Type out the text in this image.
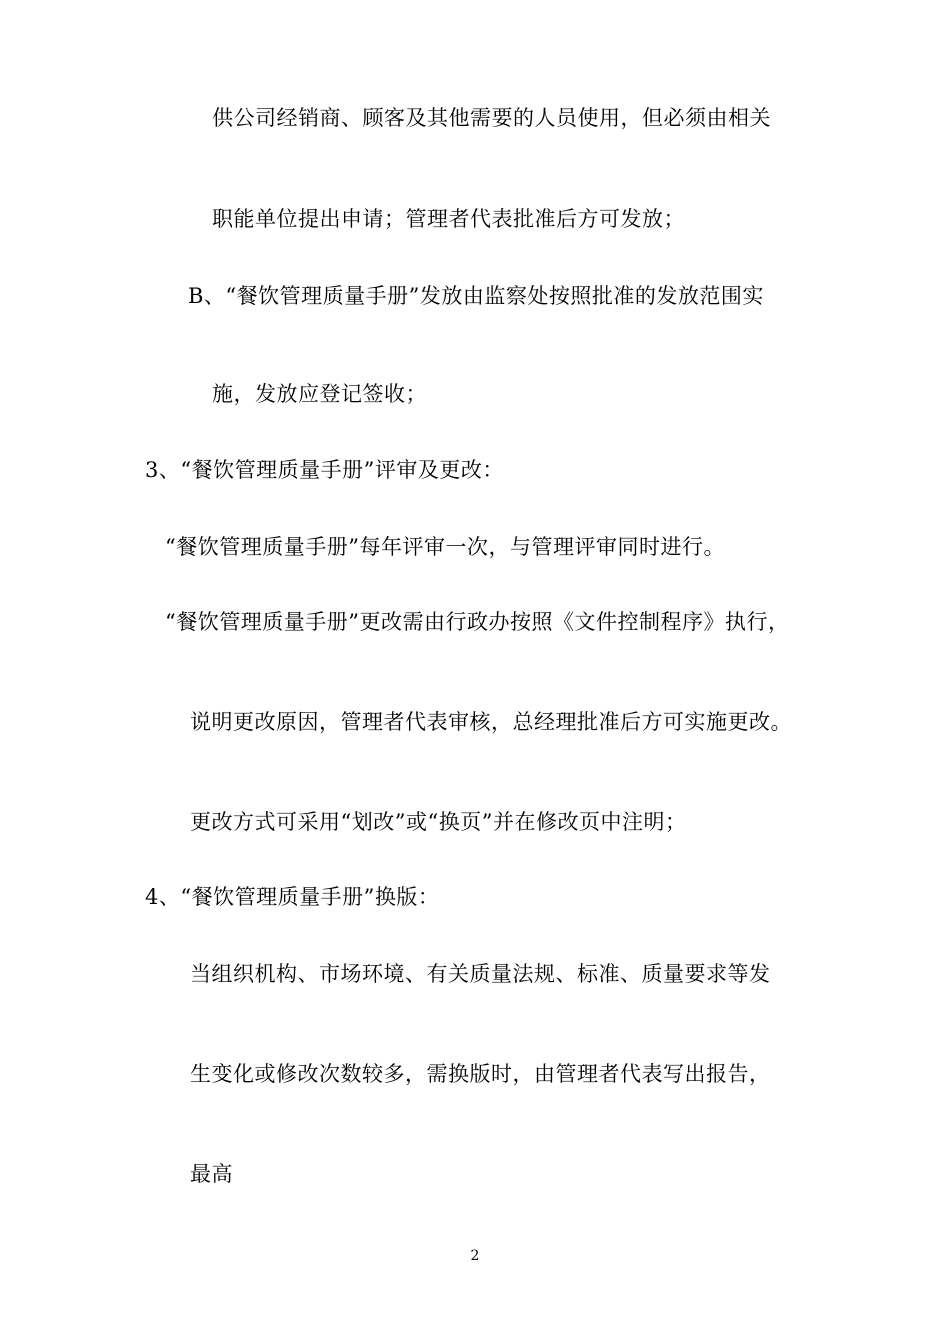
供公司经销商、顾客及其他需要的人员使用，但必须由相关
职能单位提出申请；管理者代表批准后方可发放；
B、“餐饮管理质量手册”发放由监察处按照批准的发放范围实
施，发放应登记签收；
3、“餐饮管理质量手册”评审及更改：
“餐饮管理质量手册”每年评审一次，与管理评审同时进行。
“餐饮管理质量手册”更改需由行政办按照《文件控制程序》执行，
说明更改原因，管理者代表审核，总经理批准后方可实施更改。
更改方式可采用“划改”或“换页”并在修改页中注明；
4、“餐饮管理质量手册”换版：
当组织机构、市场环境、有关质量法规、标准、质量要求等发
生变化或修改次数较多，需换版时，由管理者代表写出报告，
最高
2
